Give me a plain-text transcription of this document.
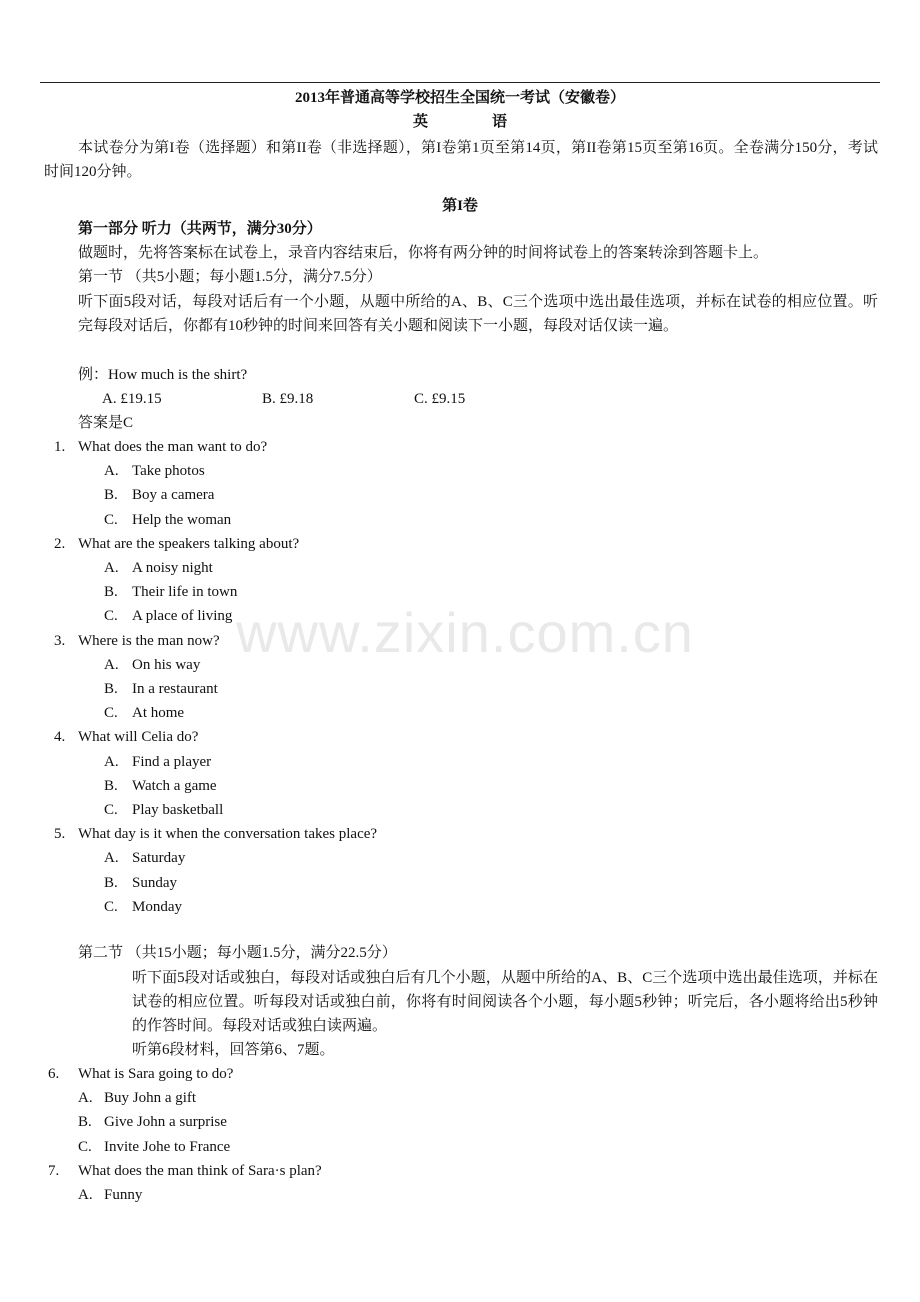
2013年普通高等学校招生全国统一考试（安徽卷）
英	语
本试卷分为第I卷（选择题）和第II卷（非选择题），第I卷第1页至第14页，第II卷第15页至第16页。全卷满分150分，考试时间120分钟。
第I卷
第一部分 听力（共两节，满分30分）
做题时，先将答案标在试卷上，录音内容结束后，你将有两分钟的时间将试卷上的答案转涂到答题卡上。
第一节 （共5小题；每小题1.5分，满分7.5分）
听下面5段对话，每段对话后有一个小题，从题中所给的A、B、C三个选项中选出最佳选项，并标在试卷的相应位置。听完每段对话后，你都有10秒钟的时间来回答有关小题和阅读下一小题，每段对话仅读一遍。
例：How much is the shirt?
A. £19.15	B. £9.18	C. £9.15
答案是C
1. What does the man want to do?
A. Take photos
B. Boy a camera
C. Help the woman
2. What are the speakers talking about?
A. A noisy night
B. Their life in town
C. A place of living
3. Where is the man now?
A. On his way
B. In a restaurant
C. At home
4. What will Celia do?
A. Find a player
B. Watch a game
C. Play basketball
5. What day is it when the conversation takes place?
A. Saturday
B. Sunday
C. Monday
第二节 （共15小题；每小题1.5分，满分22.5分）
听下面5段对话或独白，每段对话或独白后有几个小题，从题中所给的A、B、C三个选项中选出最佳选项，并标在试卷的相应位置。听每段对话或独白前，你将有时间阅读各个小题，每小题5秒钟；听完后，各小题将给出5秒钟的作答时间。每段对话或独白读两遍。
听第6段材料，回答第6、7题。
6. What is Sara going to do?
A. Buy John a gift
B. Give John a surprise
C. Invite Johe to France
7. What does the man think of Sara·s plan?
A. Funny
www.zixin.com.cn
